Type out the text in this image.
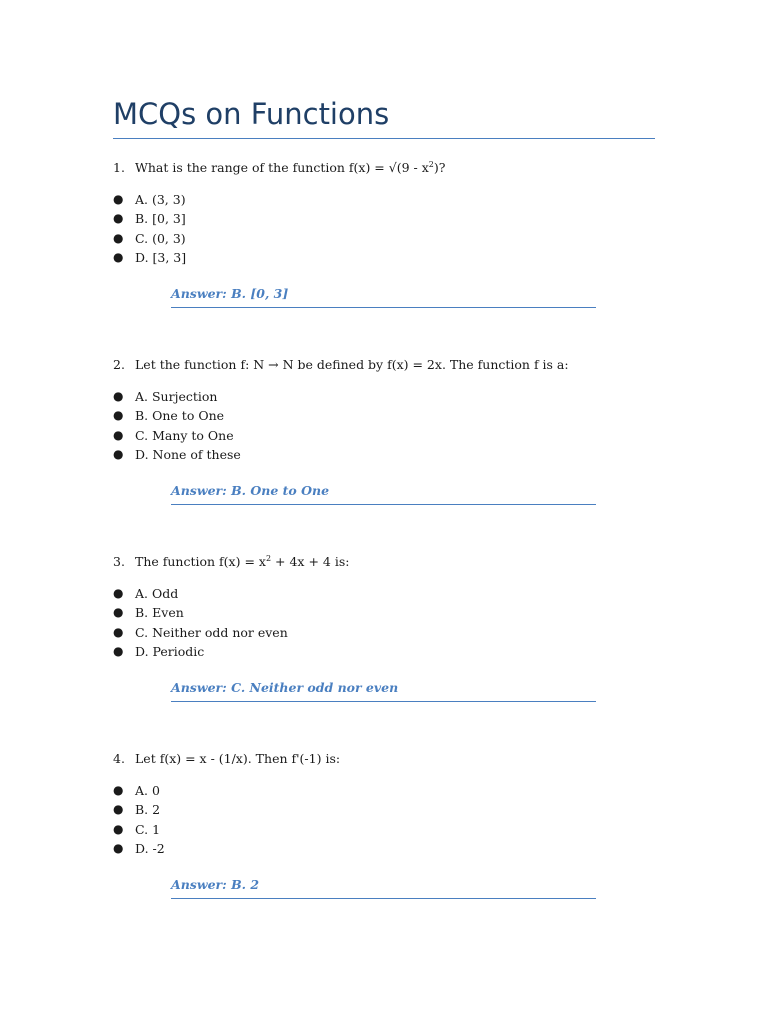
MCQs on Functions
1. What is the range of the function $f(x) = √(9 - x^2)$?
● A. (3, 3)
● B. [0, 3]
● C. (0, 3)
● D. [3, 3]
Answer: B. [0, 3]
2. Let the function f: N → N be defined by f(x) = 2x. The function f is a:
● A. Surjection
● B. One to One
● C. Many to One
● D. None of these
Answer: B. One to One
3. The function $f(x) = x^2 + 4x + 4$ is:
● A. Odd
● B. Even
● C. Neither odd nor even
● D. Periodic
Answer: C. Neither odd nor even
4. Let f(x) = x - (1/x). Then f'(-1) is:
● A. 0
● B. 2
● C. 1
● D. -2
Answer: B. 2
